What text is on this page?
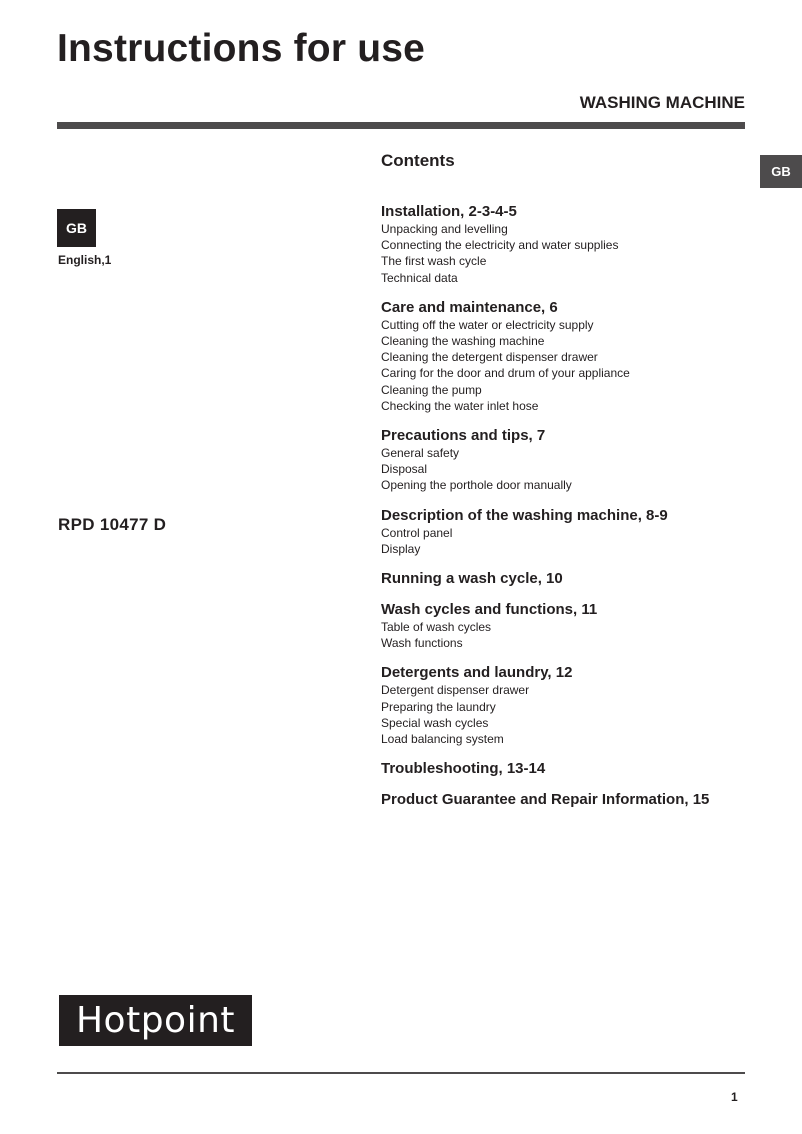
Instructions for use
WASHING MACHINE
GB
GB
English,1
RPD 10477 D
Contents
Installation, 2-3-4-5
Unpacking and levelling
Connecting the electricity and water supplies
The first wash cycle
Technical data
Care and maintenance, 6
Cutting off the water or electricity supply
Cleaning the washing machine
Cleaning the detergent dispenser drawer
Caring for the door and drum of your appliance
Cleaning the pump
Checking the water inlet hose
Precautions and tips, 7
General safety
Disposal
Opening the porthole door manually
Description of the washing machine, 8-9
Control panel
Display
Running a wash cycle, 10
Wash cycles and functions, 11
Table of wash cycles
Wash functions
Detergents and laundry, 12
Detergent dispenser drawer
Preparing the laundry
Special wash cycles
Load balancing system
Troubleshooting, 13-14
Product Guarantee and Repair Information, 15
Hotpoint
1
